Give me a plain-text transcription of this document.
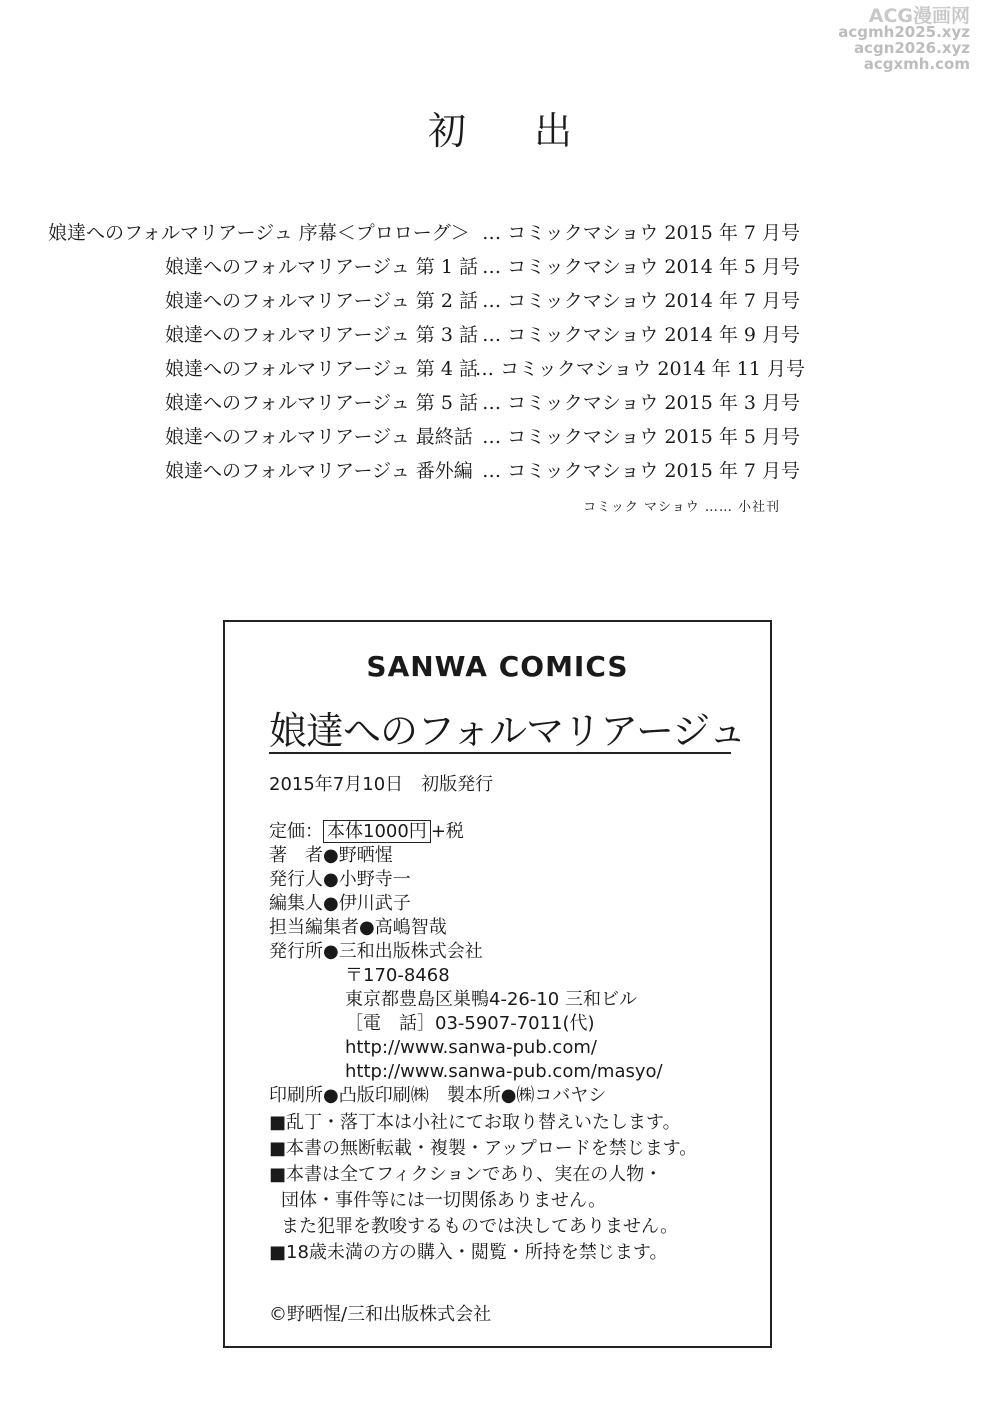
ACG漫画网
acgmh2025.xyz
acgn2026.xyz
acgxmh.com
初 出
娘達へのフォルマリアージュ 序幕＜プロローグ＞ … コミックマショウ 2015 年 7 月号
娘達へのフォルマリアージュ 第 1 話 … コミックマショウ 2014 年 5 月号
娘達へのフォルマリアージュ 第 2 話 … コミックマショウ 2014 年 7 月号
娘達へのフォルマリアージュ 第 3 話 … コミックマショウ 2014 年 9 月号
娘達へのフォルマリアージュ 第 4 話
… コミックマショウ 2014 年 11 月号
娘達へのフォルマリアージュ 第 5 話 … コミックマショウ 2015 年 3 月号
娘達へのフォルマリアージュ 最終話 … コミックマショウ 2015 年 5 月号
娘達へのフォルマリアージュ 番外編 … コミックマショウ 2015 年 7 月号
コミック マショウ …… 小社刊
SANWA COMICS
娘達へのフォルマリアージュ
2015年7月10日　初版発行
定価： 本体1000円 +税
著　者●野晒惺
発行人●小野寺一
編集人●伊川武子
担当編集者●高嶋智哉
発行所●三和出版株式会社
〒170-8468
東京都豊島区巣鴨4-26-10 三和ビル
［電　話］03-5907-7011(代)
http://www.sanwa-pub.com/
http://www.sanwa-pub.com/masyo/
印刷所●凸版印刷㈱　製本所●㈱コバヤシ
■乱丁・落丁本は小社にてお取り替えいたします。
■本書の無断転載・複製・アップロードを禁じます。
■本書は全てフィクションであり、実在の人物・
団体・事件等には一切関係ありません。
また犯罪を教唆するものでは決してありません。
■18歳未満の方の購入・閲覧・所持を禁じます。
©野晒惺/三和出版株式会社
